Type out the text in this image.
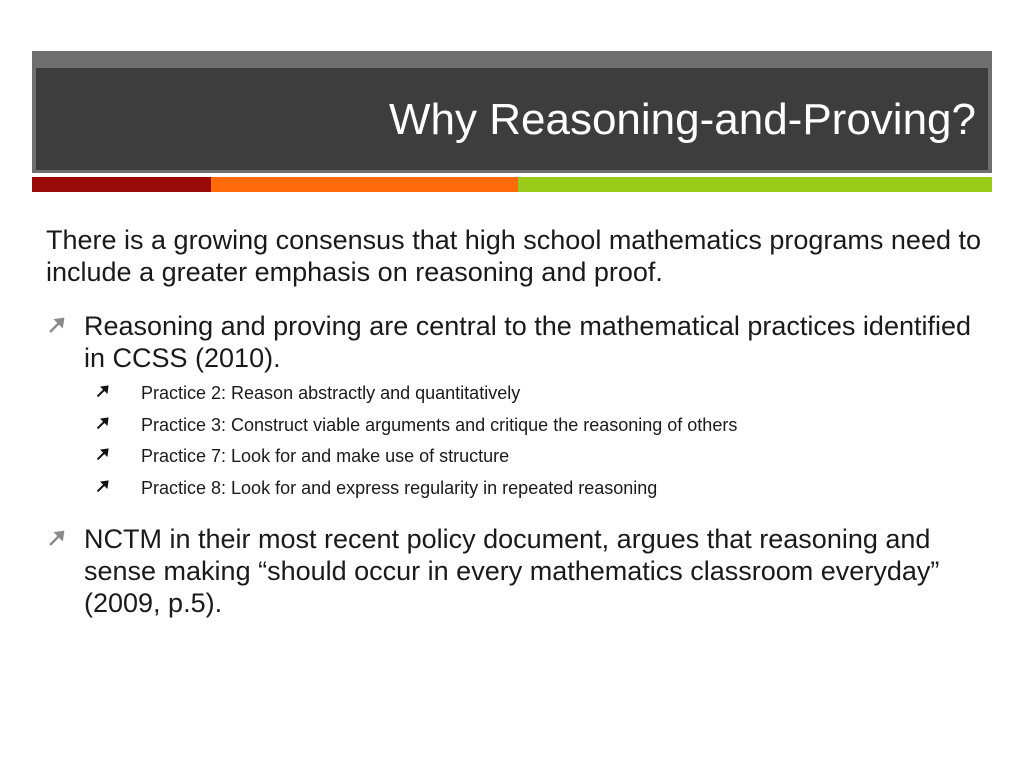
Why Reasoning-and-Proving?

There is a growing consensus that high school mathematics programs need to include a greater emphasis on reasoning and proof.

Reasoning and proving are central to the mathematical practices identified in CCSS (2010).
Practice 2: Reason abstractly and quantitatively
Practice 3: Construct viable arguments and critique the reasoning of others
Practice 7: Look for and make use of structure
Practice 8: Look for and express regularity in repeated reasoning
NCTM in their most recent policy document, argues that reasoning and sense making “should occur in every mathematics classroom everyday” (2009, p.5).
